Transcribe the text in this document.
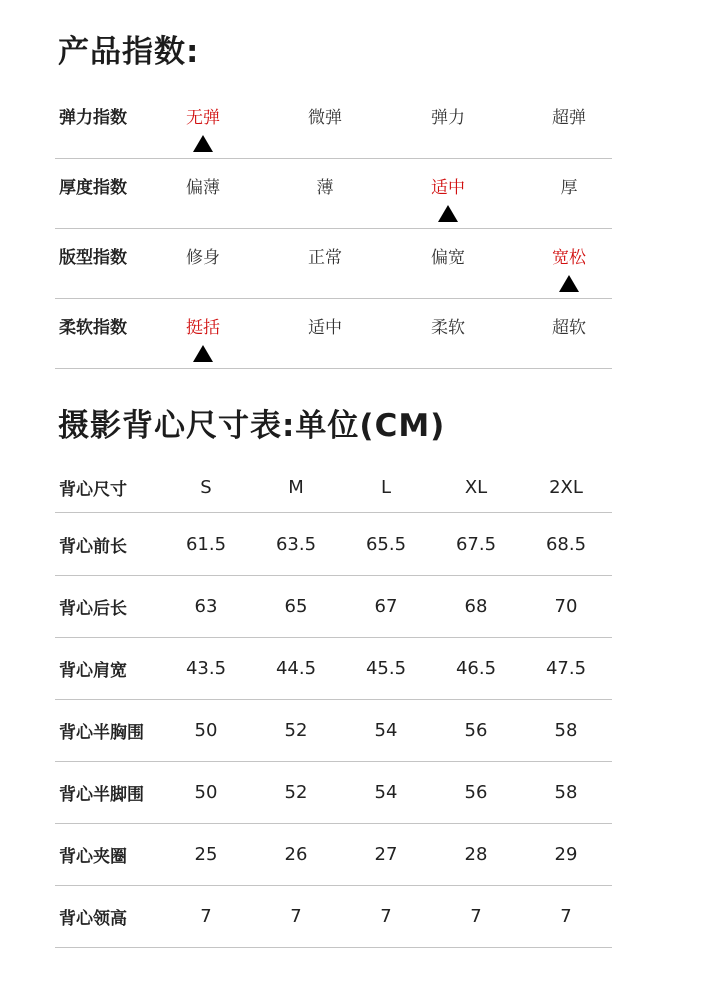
产品指数:
弹力指数	无弹	微弹	弹力	超弹
厚度指数	偏薄	薄	适中	厚
版型指数	修身	正常	偏宽	宽松
柔软指数	挺括	适中	柔软	超软
摄影背心尺寸表:单位(CM)
背心尺寸	S	M	L	XL	2XL
背心前长	61.5	63.5	65.5	67.5	68.5
背心后长	63	65	67	68	70
背心肩宽	43.5	44.5	45.5	46.5	47.5
背心半胸围	50	52	54	56	58
背心半脚围	50	52	54	56	58
背心夹圈	25	26	27	28	29
背心领高	7	7	7	7	7
